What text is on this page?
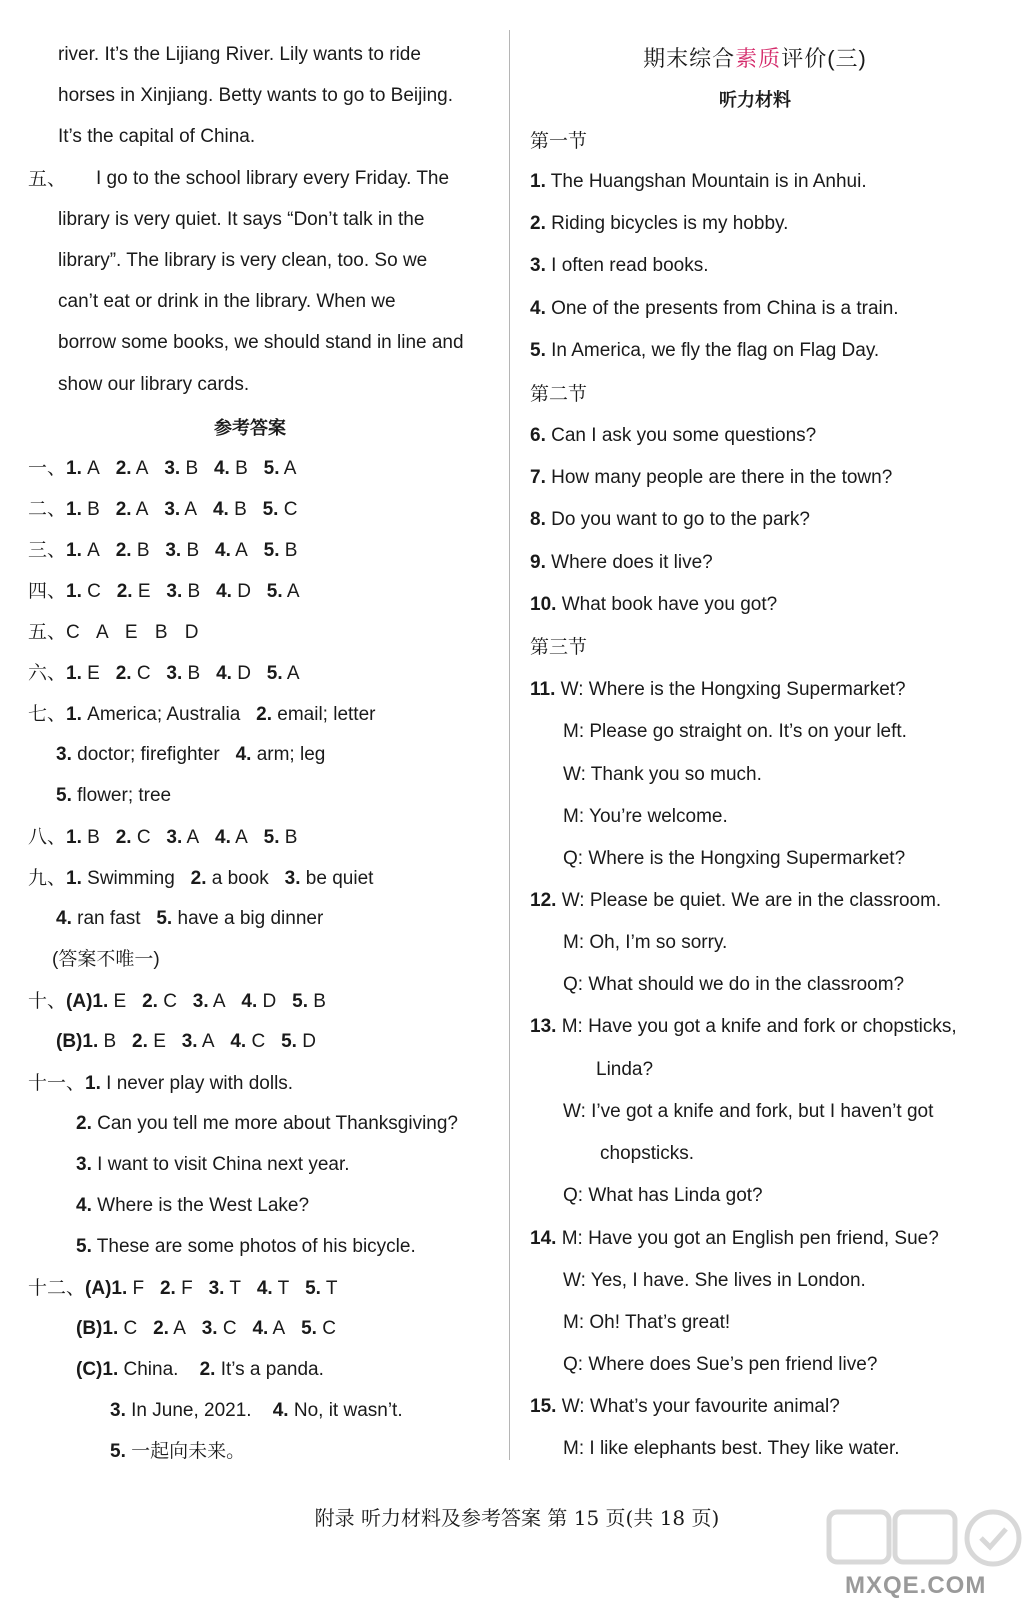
river. It’s the Lijiang River. Lily wants to ride
horses in Xinjiang. Betty wants to go to Beijing.
It’s the capital of China.
五、 I go to the school library every Friday. The
library is very quiet. It says “Don’t talk in the
library”. The library is very clean, too. So we
can’t eat or drink in the library. When we
borrow some books, we should stand in line and
show our library cards.
参考答案
一、1. A 2. A 3. B 4. B 5. A
二、1. B 2. A 3. A 4. B 5. C
三、1. A 2. B 3. B 4. A 5. B
四、1. C 2. E 3. B 4. D 5. A
五、C A E B D
六、1. E 2. C 3. B 4. D 5. A
七、1. America; Australia 2. email; letter
3. doctor; firefighter 4. arm; leg
5. flower; tree
八、1. B 2. C 3. A 4. A 5. B
九、1. Swimming 2. a book 3. be quiet
4. ran fast 5. have a big dinner
(答案不唯一)
十、(A)1. E 2. C 3. A 4. D 5. B
(B)1. B 2. E 3. A 4. C 5. D
十一、1. I never play with dolls.
2. Can you tell me more about Thanksgiving?
3. I want to visit China next year.
4. Where is the West Lake?
5. These are some photos of his bicycle.
十二、(A)1. F 2. F 3. T 4. T 5. T
(B)1. C 2. A 3. C 4. A 5. C
(C)1. China. 2. It’s a panda.
3. In June, 2021. 4. No, it wasn’t.
5. 一起向未来。
期末综合素质评价(三)
听力材料
第一节
1. The Huangshan Mountain is in Anhui.
2. Riding bicycles is my hobby.
3. I often read books.
4. One of the presents from China is a train.
5. In America, we fly the flag on Flag Day.
第二节
6. Can I ask you some questions?
7. How many people are there in the town?
8. Do you want to go to the park?
9. Where does it live?
10. What book have you got?
第三节
11. W: Where is the Hongxing Supermarket?
M: Please go straight on. It’s on your left.
W: Thank you so much.
M: You’re welcome.
Q: Where is the Hongxing Supermarket?
12. W: Please be quiet. We are in the classroom.
M: Oh, I’m so sorry.
Q: What should we do in the classroom?
13. M: Have you got a knife and fork or chopsticks,
Linda?
W: I’ve got a knife and fork, but I haven’t got
chopsticks.
Q: What has Linda got?
14. M: Have you got an English pen friend, Sue?
W: Yes, I have. She lives in London.
M: Oh! That’s great!
Q: Where does Sue’s pen friend live?
15. W: What’s your favourite animal?
M: I like elephants best. They like water.
附录 听力材料及参考答案 第 15 页(共 18 页)
MXQE.COM
